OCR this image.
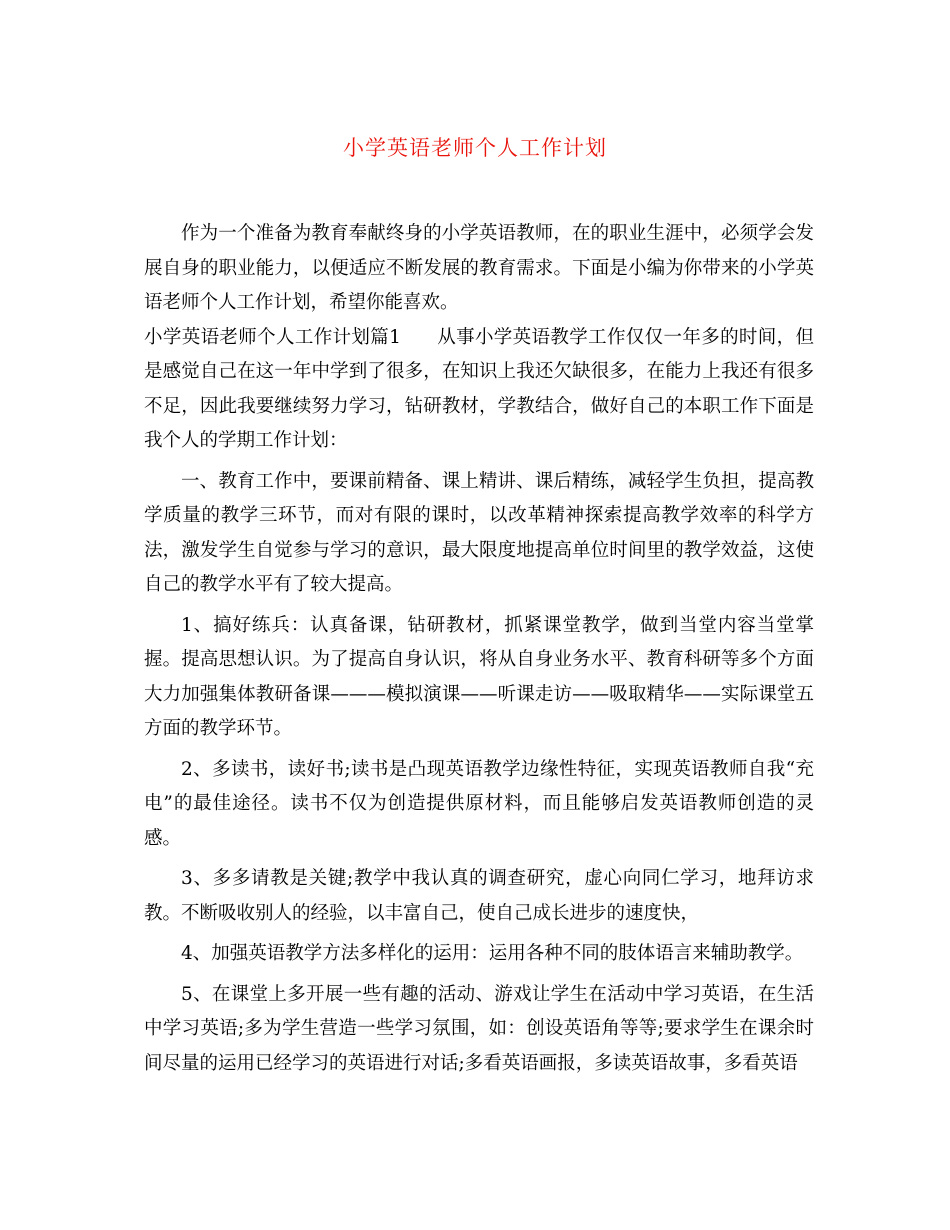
小学英语老师个人工作计划

作为一个准备为教育奉献终身的小学英语教师，在的职业生涯中，必须学会发展自身的职业能力，以便适应不断发展的教育需求。下面是小编为你带来的小学英语老师个人工作计划，希望你能喜欢。

小学英语老师个人工作计划篇1 从事小学英语教学工作仅仅一年多的时间，但是感觉自己在这一年中学到了很多，在知识上我还欠缺很多，在能力上我还有很多不足，因此我要继续努力学习，钻研教材，学教结合，做好自己的本职工作下面是我个人的学期工作计划：

一、教育工作中，要课前精备、课上精讲、课后精练，减轻学生负担，提高教学质量的教学三环节，而对有限的课时，以改革精神探索提高教学效率的科学方法，激发学生自觉参与学习的意识，最大限度地提高单位时间里的教学效益，这使自己的教学水平有了较大提高。

1、搞好练兵：认真备课，钻研教材，抓紧课堂教学，做到当堂内容当堂掌握。提高思想认识。为了提高自身认识，将从自身业务水平、教育科研等多个方面大力加强集体教研备课———模拟演课——听课走访——吸取精华——实际课堂五方面的教学环节。

2、多读书，读好书;读书是凸现英语教学边缘性特征，实现英语教师自我“充电”的最佳途径。读书不仅为创造提供原材料，而且能够启发英语教师创造的灵感。

3、多多请教是关键;教学中我认真的调查研究，虚心向同仁学习，地拜访求教。不断吸收别人的经验，以丰富自己，使自己成长进步的速度快，

4、加强英语教学方法多样化的运用：运用各种不同的肢体语言来辅助教学。

5、在课堂上多开展一些有趣的活动、游戏让学生在活动中学习英语，在生活中学习英语;多为学生营造一些学习氛围，如：创设英语角等等;要求学生在课余时间尽量的运用已经学习的英语进行对话;多看英语画报，多读英语故事，多看英语
